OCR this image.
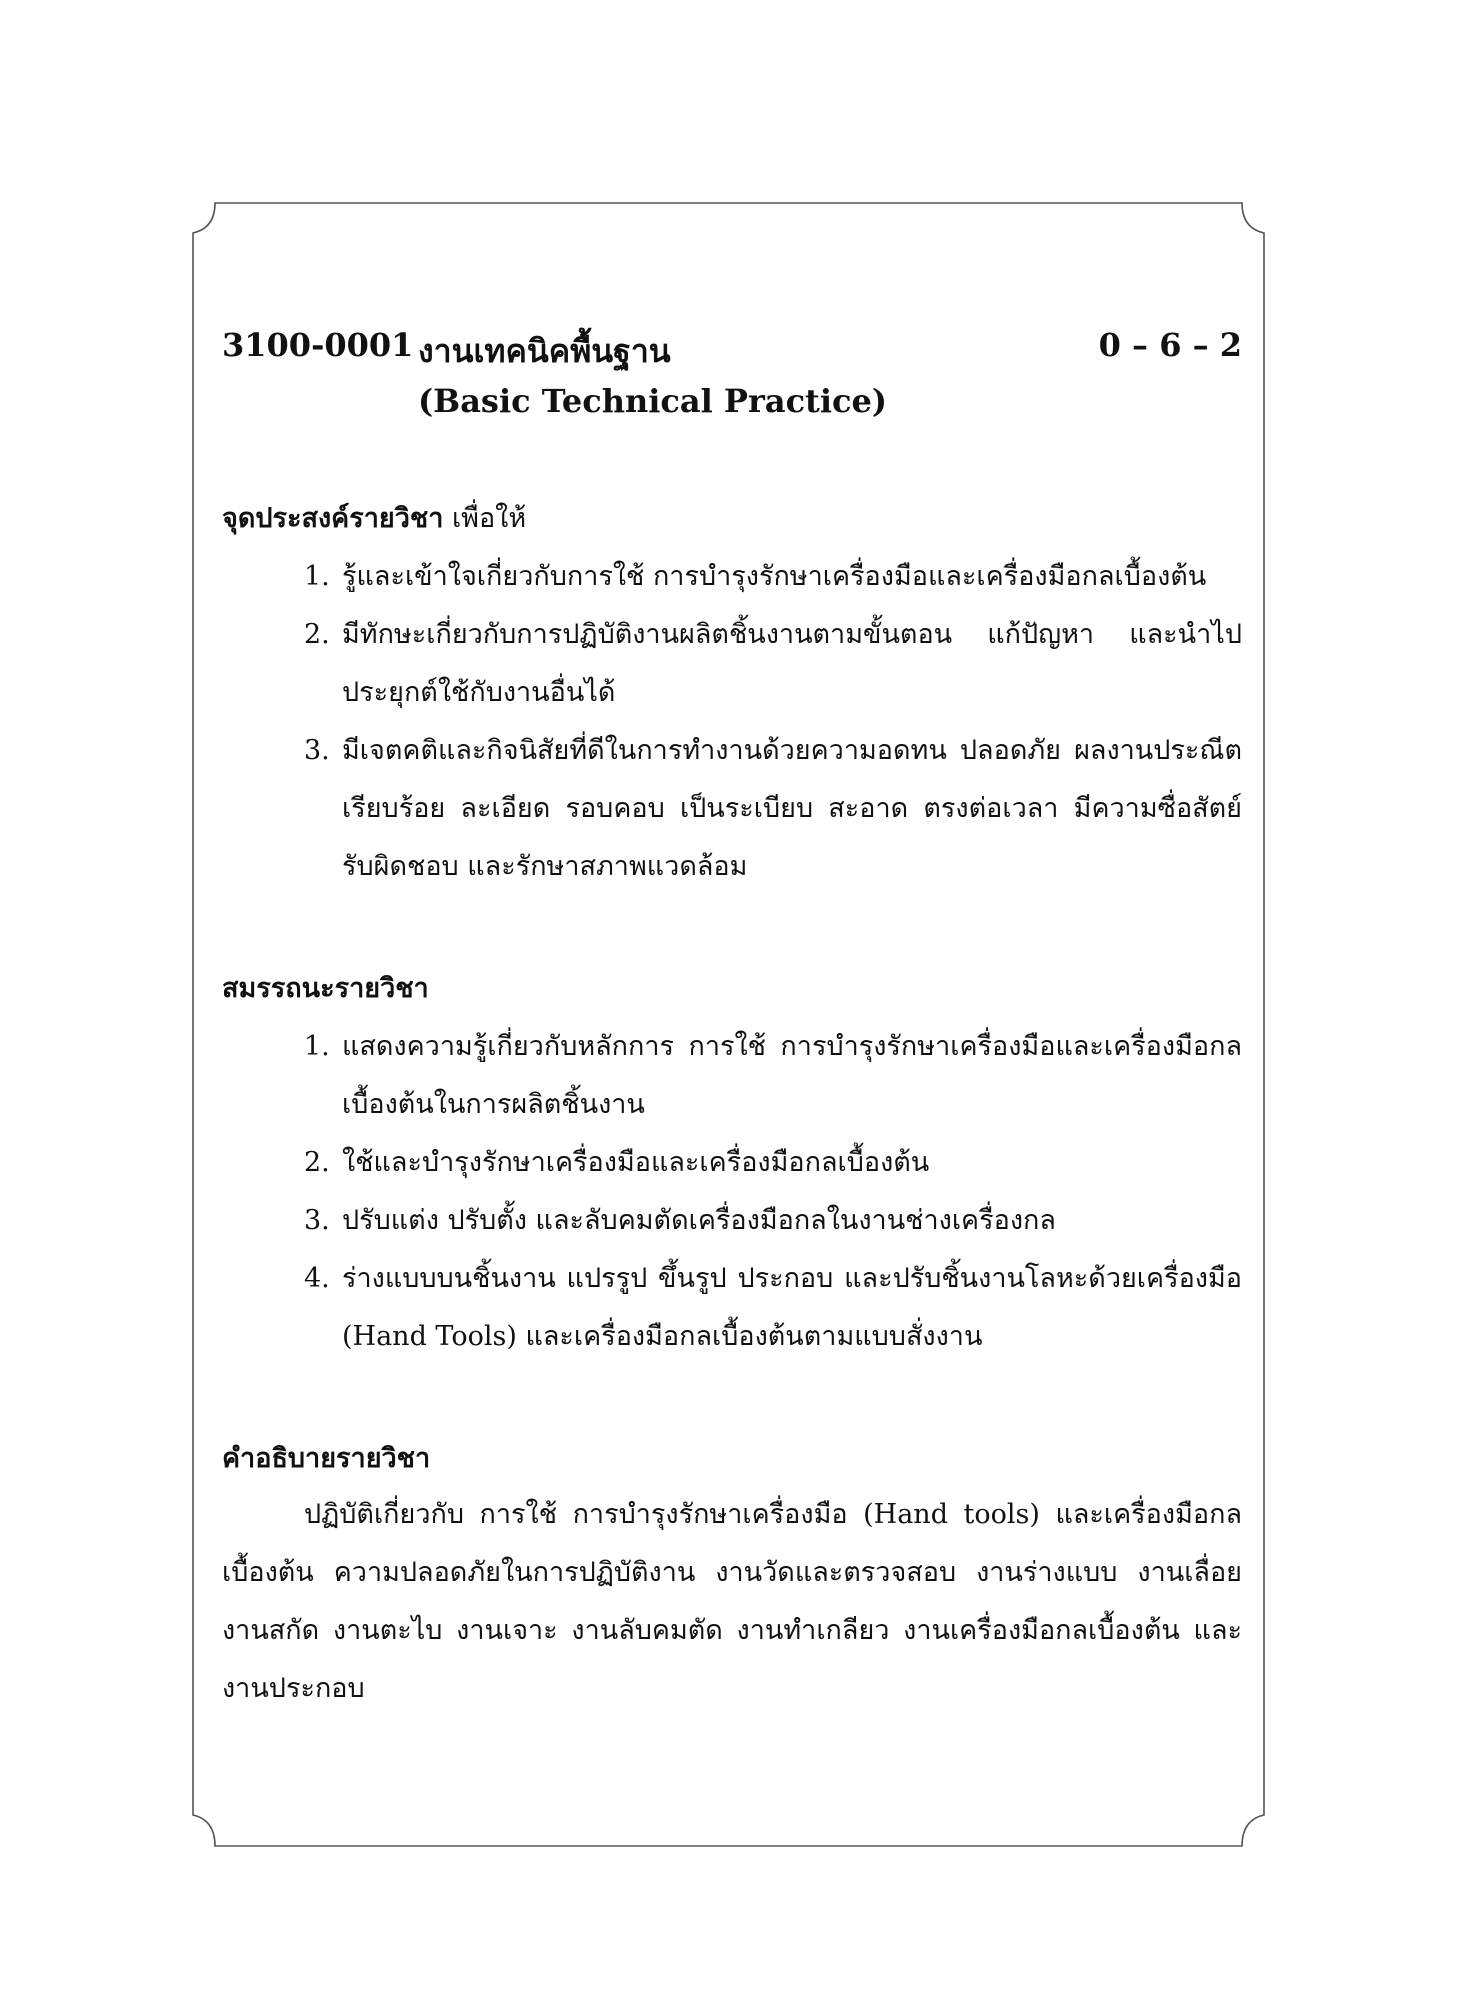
3100-0001 งานเทคนิคพื้นฐาน	0 – 6 – 2
(Basic Technical Practice)
จุดประสงค์รายวิชา เพื่อให้
1. รู้และเข้าใจเกี่ยวกับการใช้ การบำรุงรักษาเครื่องมือและเครื่องมือกลเบื้องต้น
2. มีทักษะเกี่ยวกับการปฏิบัติงานผลิตชิ้นงานตามขั้นตอน แก้ปัญหา และนำไปประยุกต์ใช้กับงานอื่นได้
3. มีเจตคติและกิจนิสัยที่ดีในการทำงานด้วยความอดทน ปลอดภัย ผลงานประณีตเรียบร้อย ละเอียด รอบคอบ เป็นระเบียบ สะอาด ตรงต่อเวลา มีความซื่อสัตย์ รับผิดชอบ และรักษาสภาพแวดล้อม
สมรรถนะรายวิชา
1. แสดงความรู้เกี่ยวกับหลักการ การใช้ การบำรุงรักษาเครื่องมือและเครื่องมือกลเบื้องต้นในการผลิตชิ้นงาน
2. ใช้และบำรุงรักษาเครื่องมือและเครื่องมือกลเบื้องต้น
3. ปรับแต่ง ปรับตั้ง และลับคมตัดเครื่องมือกลในงานช่างเครื่องกล
4. ร่างแบบบนชิ้นงาน แปรรูป ขึ้นรูป ประกอบ และปรับชิ้นงานโลหะด้วยเครื่องมือ (Hand Tools) และเครื่องมือกลเบื้องต้นตามแบบสั่งงาน
คำอธิบายรายวิชา
ปฏิบัติเกี่ยวกับ การใช้ การบำรุงรักษาเครื่องมือ (Hand tools) และเครื่องมือกลเบื้องต้น ความปลอดภัยในการปฏิบัติงาน งานวัดและตรวจสอบ งานร่างแบบ งานเลื่อย งานสกัด งานตะไบ งานเจาะ งานลับคมตัด งานทำเกลียว งานเครื่องมือกลเบื้องต้น และงานประกอบ
